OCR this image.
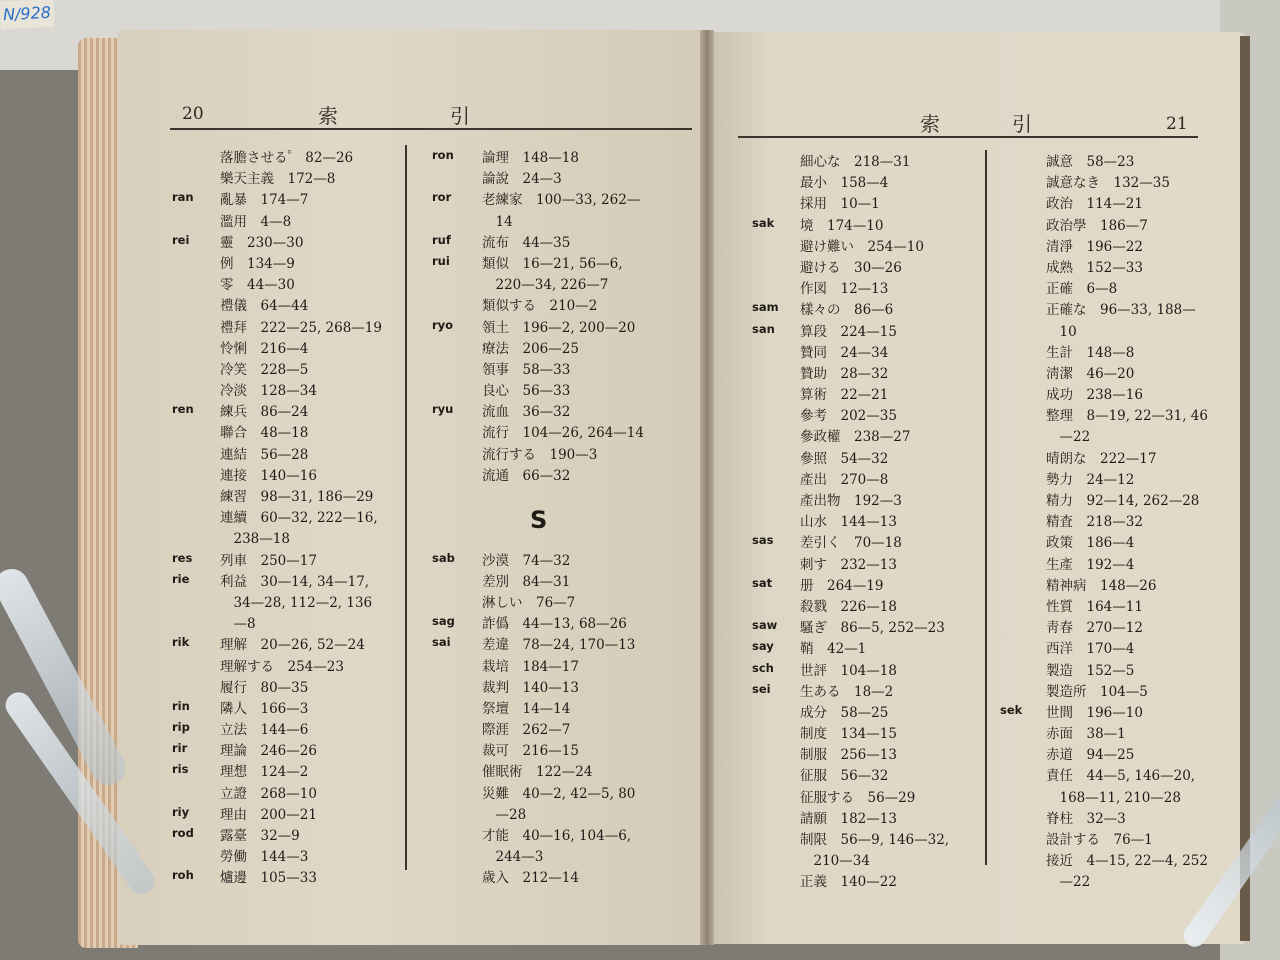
N/928
20	索	引	索	引	21
落膽させる゜ 82—26
樂天主義　172—8
ran 亂暴　174—7
濫用　4—8
rei 靈　230—30
例　134—9
零　44—30
禮儀　64—44
禮拜　222—25, 268—19
怜悧　216—4
冷笑　228—5
冷淡　128—34
ren 練兵　86—24
聯合　48—18
連結　56—28
連接　140—16
練習　98—31, 186—29
連續　60—32, 222—16,
　238—18
res 列車　250—17
rie 利益　30—14, 34—17,
　34—28, 112—2, 136
　—8
rik 理解　20—26, 52—24
理解する　254—23
履行　80—35
rin 隣人　166—3
rip 立法　144—6
rir 理論　246—26
ris 理想　124—2
立證　268—10
riy 理由　200—21
rod 露臺　32—9
勞働　144—3
roh 爐邊　105—33
ron 論理　148—18
論說　24—3
ror 老練家　100—33, 262—
　14
ruf 流布　44—35
rui 類似　16—21, 56—6,
　220—34, 226—7
類似する　210—2
ryo 領土　196—2, 200—20
療法　206—25
領事　58—33
良心　56—33
ryu 流血　36—32
流行　104—26, 264—14
流行する　190—3
流通　66—32
sab 沙漠　74—32
差別　84—31
淋しい　76—7
sag 詐僞　44—13, 68—26
sai 差違　78—24, 170—13
栽培　184—17
裁判　140—13
祭壇　14—14
際涯　262—7
裁可　216—15
催眠術　122—24
災難　40—2, 42—5, 80
　—28
才能　40—16, 104—6,
　244—3
歲入　212—14
細心な　218—31
最小　158—4
採用　10—1
sak 境　174—10
避け難い　254—10
避ける　30—26
作図　12—13
sam 樣々の　86—6
san 算段　224—15
贊同　24—34
贊助　28—32
算術　22—21
參考　202—35
參政權　238—27
參照　54—32
產出　270—8
產出物　192—3
山水　144—13
sas 差引く　70—18
刺す　232—13
sat 册　264—19
殺戮　226—18
saw 騷ぎ　86—5, 252—23
say 鞘　42—1
sch 世評　104—18
sei 生ある　18—2
成分　58—25
制度　134—15
制服　256—13
征服　56—32
征服する　56—29
請願　182—13
制限　56—9, 146—32,
　210—34
正義　140—22
誠意　58—23
誠意なき　132—35
政治　114—21
政治學　186—7
清淨　196—22
成熟　152—33
正確　6—8
正確な　96—33, 188—
　10
生計　148—8
淸潔　46—20
成功　238—16
整理　8—19, 22—31, 46
　—22
晴朗な　222—17
勢力　24—12
精力　92—14, 262—28
精査　218—32
政策　186—4
生產　192—4
精神病　148—26
性質　164—11
靑春　270—12
西洋　170—4
製造　152—5
製造所　104—5
sek 世間　196—10
赤面　38—1
赤道　94—25
責任　44—5, 146—20,
　168—11, 210—28
脊柱　32—3
設計する　76—1
接近　4—15, 22—4, 252
　—22
S
